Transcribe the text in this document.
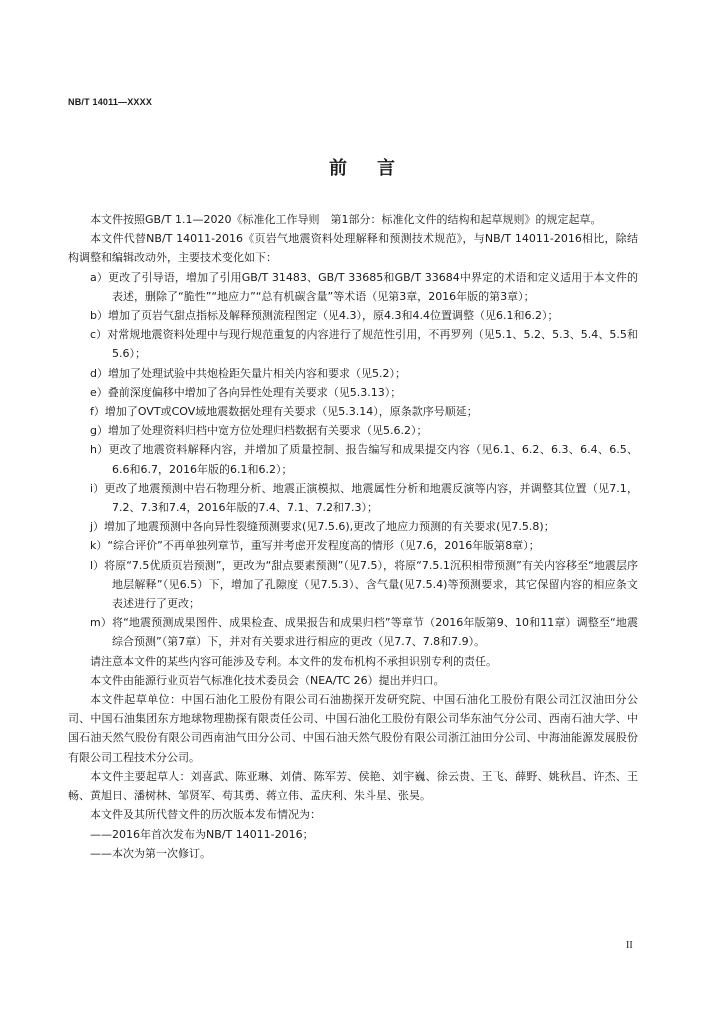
NB/T 14011—XXXX
前言

本文件按照GB/T 1.1—2020《标准化工作导则　第1部分：标准化文件的结构和起草规则》的规定起草。

本文件代替NB/T 14011-2016《页岩气地震资料处理解释和预测技术规范》，与NB/T 14011-2016相比，除结构调整和编辑改动外，主要技术变化如下：

a）更改了引导语，增加了引用GB/T 31483、GB/T 33685和GB/T 33684中界定的术语和定义适用于本文件的表述，删除了“脆性”“地应力”“总有机碳含量”等术语（见第3章，2016年版的第3章）；

b）增加了页岩气甜点指标及解释预测流程图定（见4.3），原4.3和4.4位置调整（见6.1和6.2）；

c）对常规地震资料处理中与现行规范重复的内容进行了规范性引用，不再罗列（见5.1、5.2、5.3、5.4、5.5和5.6）；

d）增加了处理试验中共炮检距矢量片相关内容和要求（见5.2）；

e）叠前深度偏移中增加了各向异性处理有关要求（见5.3.13）；

f）增加了OVT或COV域地震数据处理有关要求（见5.3.14），原条款序号顺延；

g）增加了处理资料归档中宽方位处理归档数据有关要求（见5.6.2）；

h）更改了地震资料解释内容，并增加了质量控制、报告编写和成果提交内容（见6.1、6.2、6.3、6.4、6.5、6.6和6.7，2016年版的6.1和6.2）；

i）更改了地震预测中岩石物理分析、地震正演模拟、地震属性分析和地震反演等内容，并调整其位置（见7.1，7.2、7.3和7.4，2016年版的7.4、7.1、7.2和7.3）；

j）增加了地震预测中各向异性裂缝预测要求(见7.5.6),更改了地应力预测的有关要求(见7.5.8)；

k）“综合评价”不再单独列章节，重写并考虑开发程度高的情形（见7.6，2016年版第8章）；

l）将原“7.5优质页岩预测”，更改为“甜点要素预测”（见7.5），将原“7.5.1沉积相带预测”有关内容移至“地震层序地层解释”（见6.5）下，增加了孔隙度（见7.5.3）、含气量(见7.5.4)等预测要求，其它保留内容的相应条文表述进行了更改；

m）将“地震预测成果图件、成果检查、成果报告和成果归档”等章节（2016年版第9、10和11章）调整至“地震综合预测”（第7章）下，并对有关要求进行相应的更改（见7.7、7.8和7.9）。

请注意本文件的某些内容可能涉及专利。本文件的发布机构不承担识别专利的责任。

本文件由能源行业页岩气标准化技术委员会（NEA/TC 26）提出并归口。

本文件起草单位：中国石油化工股份有限公司石油勘探开发研究院、中国石油化工股份有限公司江汉油田分公司、中国石油集团东方地球物理勘探有限责任公司、中国石油化工股份有限公司华东油气分公司、西南石油大学、中国石油天然气股份有限公司西南油气田分公司、中国石油天然气股份有限公司浙江油田分公司、中海油能源发展股份有限公司工程技术分公司。

本文件主要起草人：刘喜武、陈亚琳、刘倩、陈军芳、侯艳、刘宇巍、徐云贵、王飞、薛野、姚秋昌、许杰、王畅、黄旭日、潘树林、邹贤军、苟其勇、蒋立伟、孟庆利、朱斗星、张昊。

本文件及其所代替文件的历次版本发布情况为：

——2016年首次发布为NB/T 14011-2016；

——本次为第一次修订。

II
